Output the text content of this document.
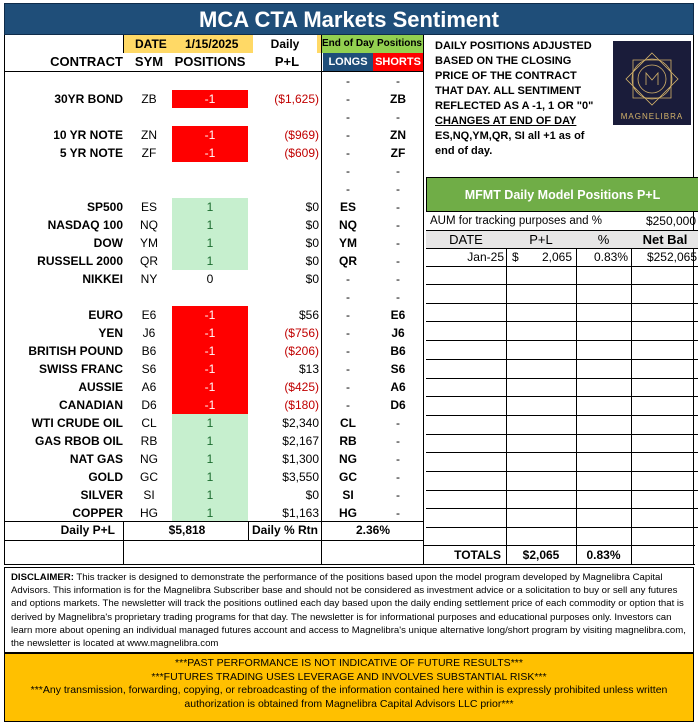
MCA CTA Markets Sentiment
DATE	1/15/2025	Daily	End of Day Positions
CONTRACT SYM POSITIONS	P+L	LONGS SHORTS
-	-
30YR BOND	ZB	-1	($1,625)	-	ZB
-	-
10 YR NOTE	ZN	-1	($969)	-	ZN
5 YR NOTE	ZF	-1	($609)	-	ZF
-	-
-	-
SP500	ES	1	$0	ES	-
NASDAQ 100	NQ	1	$0	NQ	-
DOW	YM	1	$0	YM	-
RUSSELL 2000	QR	1	$0	QR	-
NIKKEI	NY	0	$0	-	-
-	-
EURO	E6	-1	$56	-	E6
YEN	J6	-1	($756)	-	J6
BRITISH POUND	B6	-1	($206)	-	B6
SWISS FRANC	S6	-1	$13	-	S6
AUSSIE	A6	-1	($425)	-	A6
CANADIAN	D6	-1	($180)	-	D6
WTI CRUDE OIL	CL	1	$2,340	CL	-
GAS RBOB OIL	RB	1	$2,167	RB	-
NAT GAS	NG	1	$1,300	NG	-
GOLD	GC	1	$3,550	GC	-
SILVER	SI	1	$0	SI	-
COPPER	HG	1	$1,163	HG	-
Daily P+L	$5,818	Daily % Rtn	2.36%
DAILY POSITIONS ADJUSTED BASED ON THE CLOSING PRICE OF THE CONTRACT THAT DAY. ALL SENTIMENT REFLECTED AS A -1, 1 OR "0"
CHANGES AT END OF DAY
ES,NQ,YM,QR, SI all +1 as of end of day.
MAGNELIBRA
MFMT Daily Model Positions P+L
AUM for tracking purposes and %	$250,000
DATE	P+L	%	Net Bal
Jan-25 $	2,065	0.83%	$252,065
TOTALS	$2,065	0.83%
DISCLAIMER: This tracker is designed to demonstrate the performance of the positions based upon the model program developed by Magnelibra Capital Advisors. This information is for the Magnelibra Subscriber base and should not be considered as investment advice or a solicitation to buy or sell any futures and options markets. The newsletter will track the positions outlined each day based upon the daily ending settlement price of each commodity or option that is derived by Magnelibra's proprietary trading programs for that day. The newsletter is for informational purposes and educational purposes only. Investors can learn more about opening an individual managed futures account and access to Magnelibra's unique alternative long/short program by visiting magnelibra.com, the newsletter is located at www.magnelibra.com
***PAST PERFORMANCE IS NOT INDICATIVE OF FUTURE RESULTS***
***FUTURES TRADING USES LEVERAGE AND INVOLVES SUBSTANTIAL RISK***
***Any transmission, forwarding, copying, or rebroadcasting of the information contained here within is expressly prohibited unless written authorization is obtained from Magnelibra Capital Advisors LLC prior***
